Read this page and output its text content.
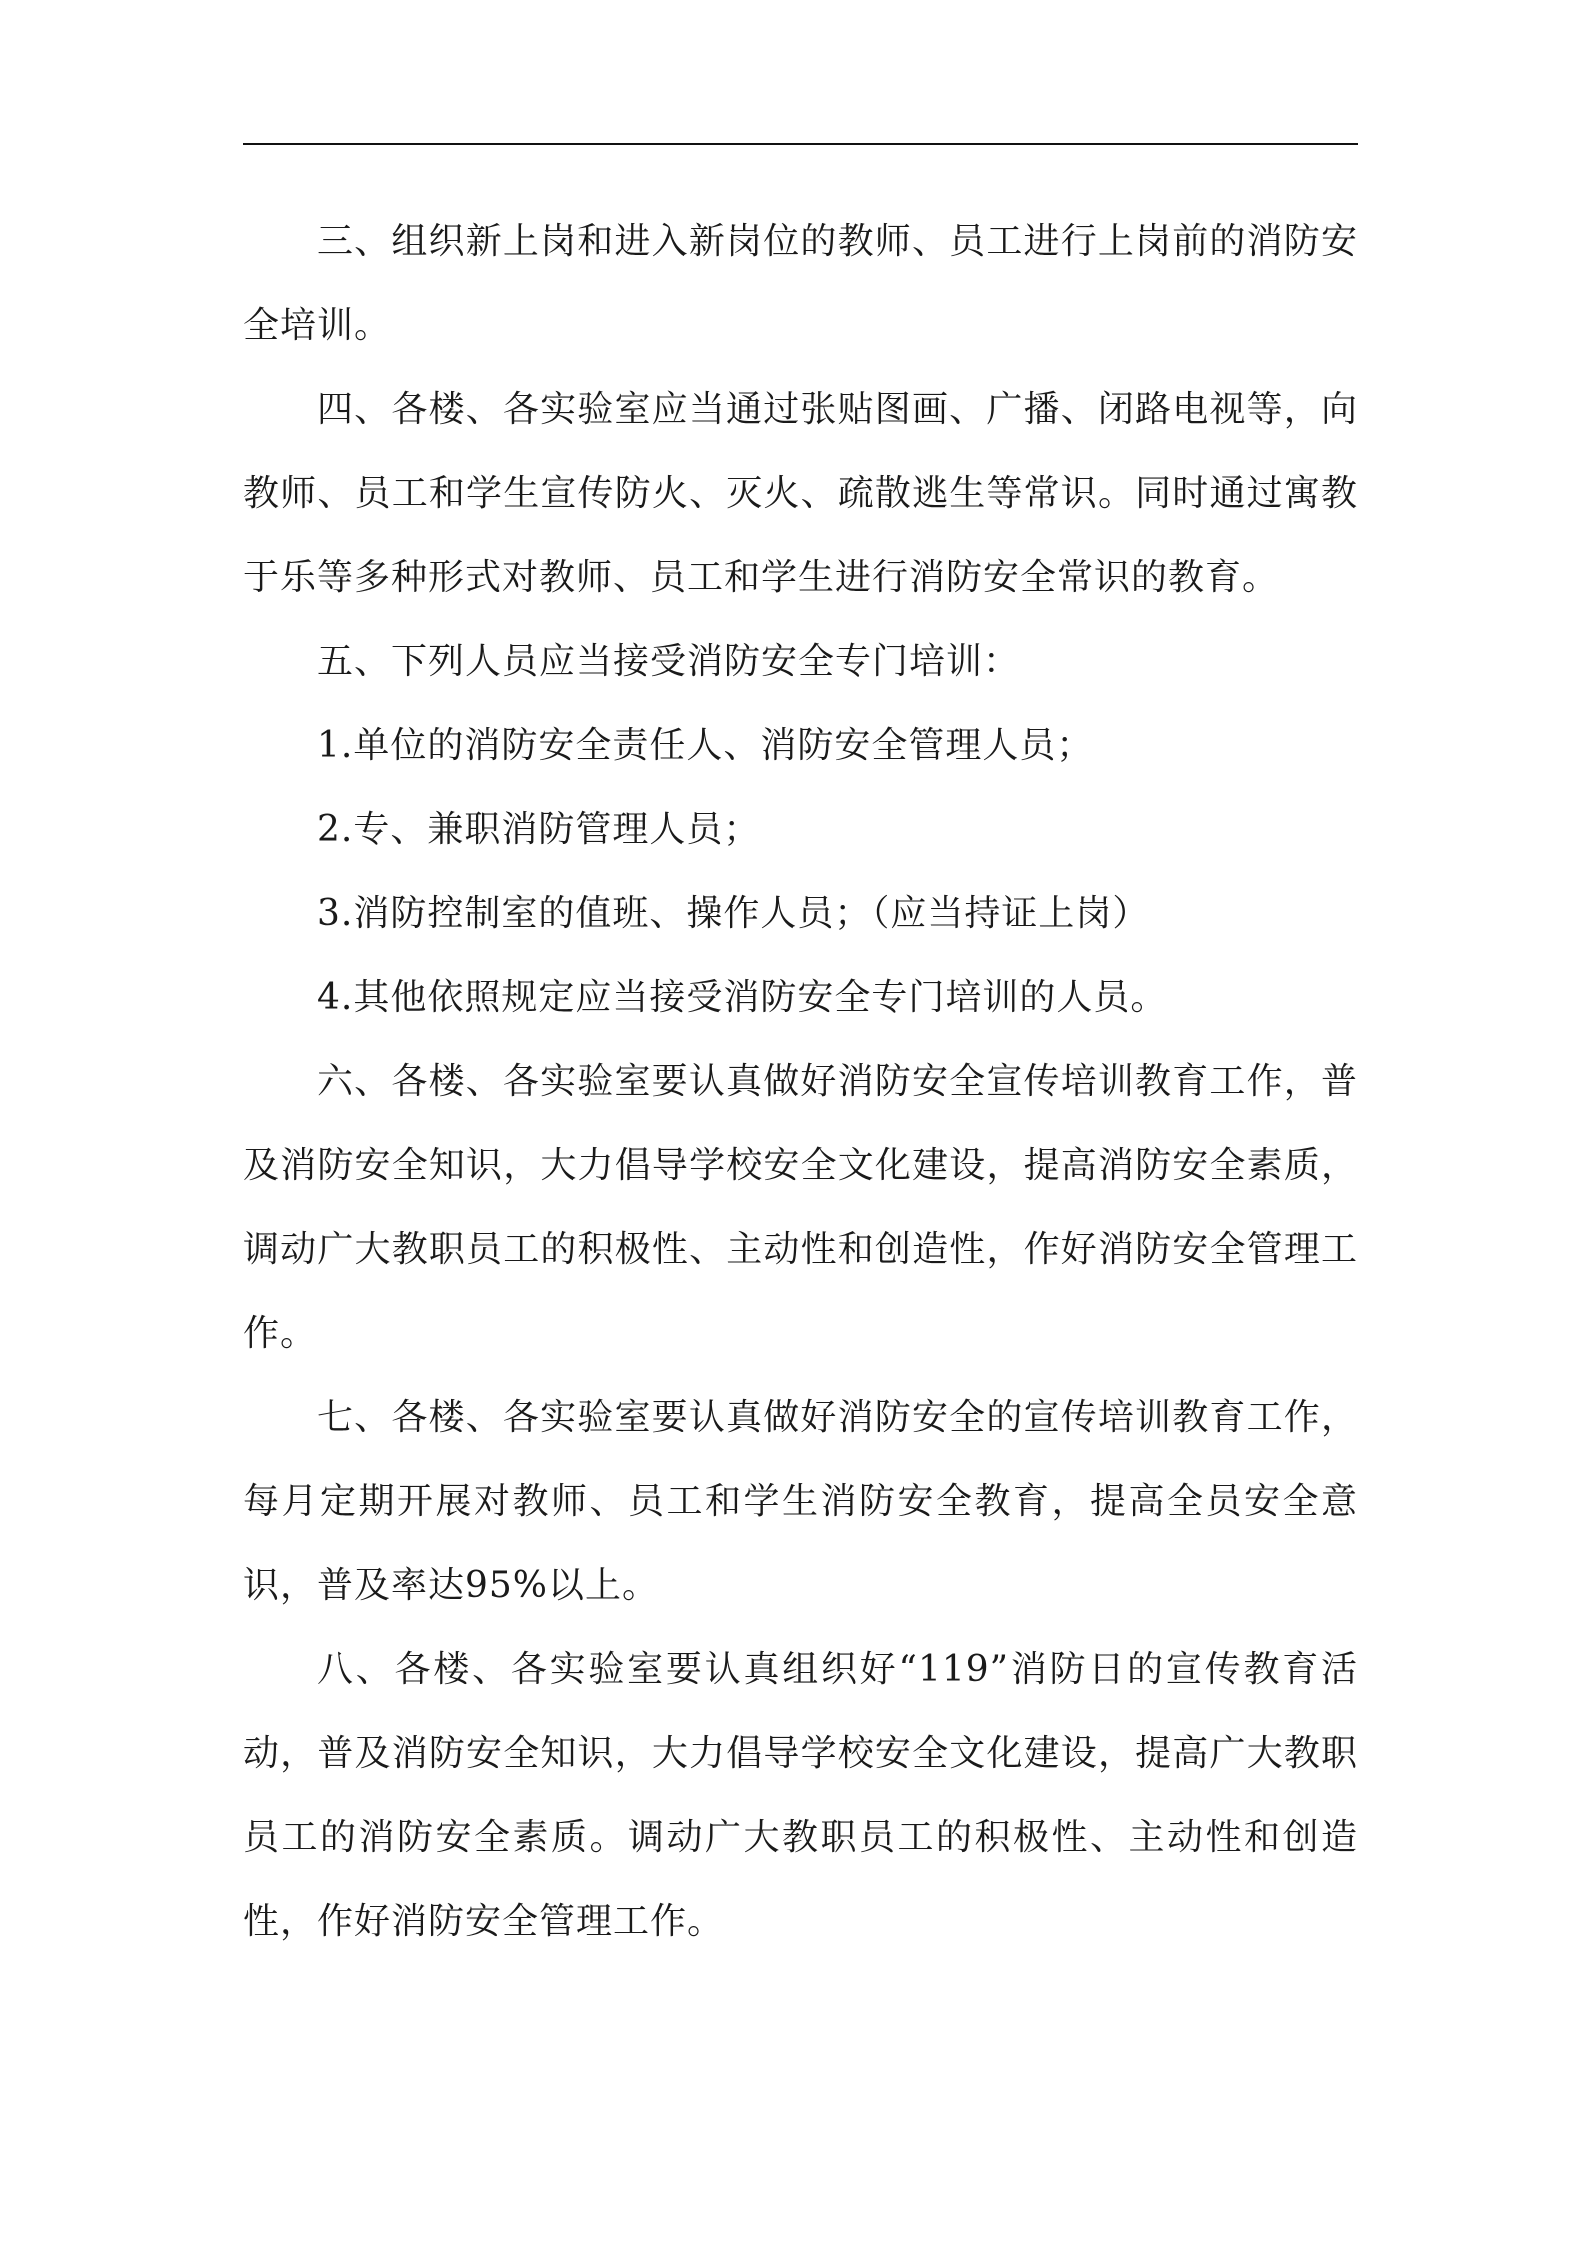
三、组织新上岗和进入新岗位的教师、员工进行上岗前的消防安全培训。

四、各楼、各实验室应当通过张贴图画、广播、闭路电视等，向教师、员工和学生宣传防火、灭火、疏散逃生等常识。同时通过寓教于乐等多种形式对教师、员工和学生进行消防安全常识的教育。

五、下列人员应当接受消防安全专门培训：

1.单位的消防安全责任人、消防安全管理人员；

2.专、兼职消防管理人员；

3.消防控制室的值班、操作人员；（应当持证上岗）

4.其他依照规定应当接受消防安全专门培训的人员。

六、各楼、各实验室要认真做好消防安全宣传培训教育工作，普及消防安全知识，大力倡导学校安全文化建设，提高消防安全素质，调动广大教职员工的积极性、主动性和创造性，作好消防安全管理工作。

七、各楼、各实验室要认真做好消防安全的宣传培训教育工作，每月定期开展对教师、员工和学生消防安全教育，提高全员安全意识，普及率达95%以上。

八、各楼、各实验室要认真组织好“119”消防日的宣传教育活动，普及消防安全知识，大力倡导学校安全文化建设，提高广大教职员工的消防安全素质。调动广大教职员工的积极性、主动性和创造性，作好消防安全管理工作。
